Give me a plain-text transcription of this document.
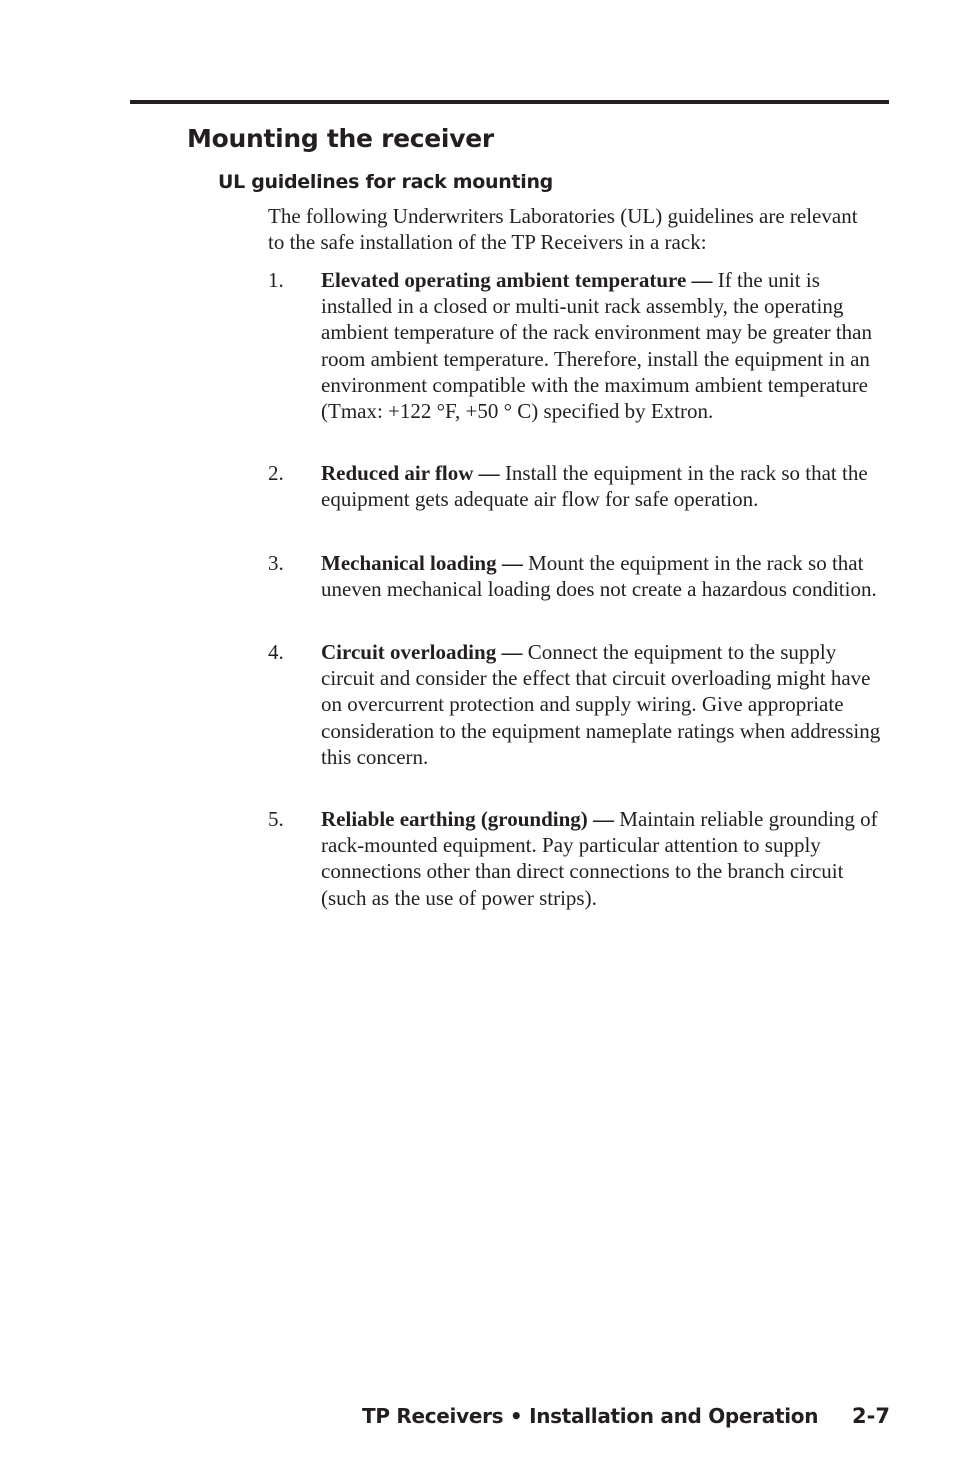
Mounting the receiver
UL guidelines for rack mounting

The following Underwriters Laboratories (UL) guidelines are relevant to the safe installation of the TP Receivers in a rack:

1. Elevated operating ambient temperature — If the unit is installed in a closed or multi-unit rack assembly, the operating ambient temperature of the rack environment may be greater than room ambient temperature. Therefore, install the equipment in an environment compatible with the maximum ambient temperature (Tmax: +122 °F, +50 ° C) specified by Extron.
2. Reduced air flow — Install the equipment in the rack so that the equipment gets adequate air flow for safe operation.
3. Mechanical loading — Mount the equipment in the rack so that uneven mechanical loading does not create a hazardous condition.
4. Circuit overloading — Connect the equipment to the supply circuit and consider the effect that circuit overloading might have on overcurrent protection and supply wiring. Give appropriate consideration to the equipment nameplate ratings when addressing this concern.
5. Reliable earthing (grounding) — Maintain reliable grounding of rack-mounted equipment. Pay particular attention to supply connections other than direct connections to the branch circuit (such as the use of power strips).
TP Receivers • Installation and Operation 2-7
